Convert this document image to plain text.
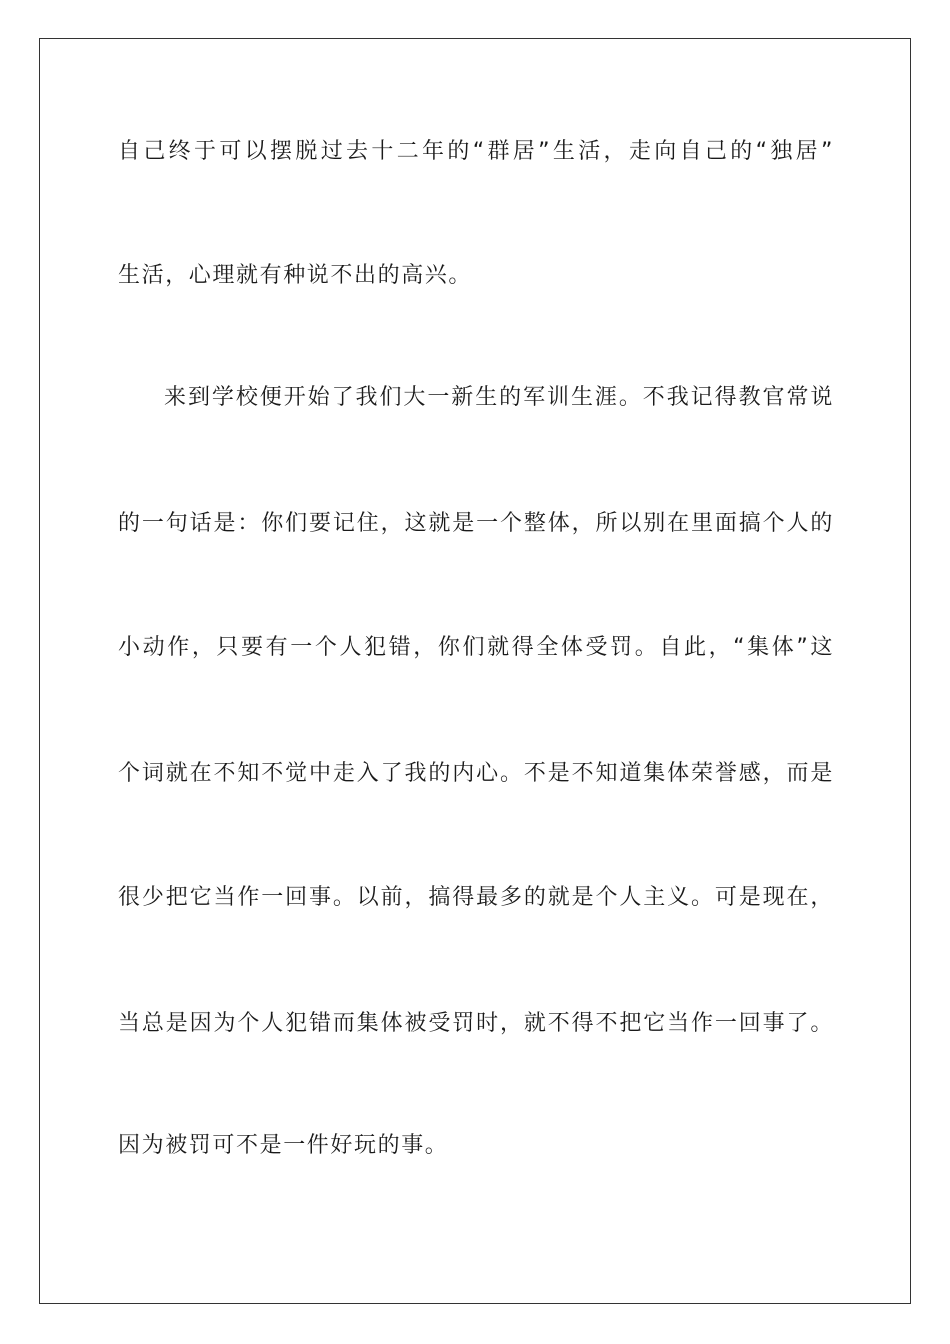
自己终于可以摆脱过去十二年的“群居”生活，走向自己的“独居”
生活，心理就有种说不出的高兴。
来到学校便开始了我们大一新生的军训生涯。不我记得教官常说
的一句话是：你们要记住，这就是一个整体，所以别在里面搞个人的
小动作，只要有一个人犯错，你们就得全体受罚。自此，“集体”这
个词就在不知不觉中走入了我的内心。不是不知道集体荣誉感，而是
很少把它当作一回事。以前，搞得最多的就是个人主义。可是现在，
当总是因为个人犯错而集体被受罚时，就不得不把它当作一回事了。
因为被罚可不是一件好玩的事。
